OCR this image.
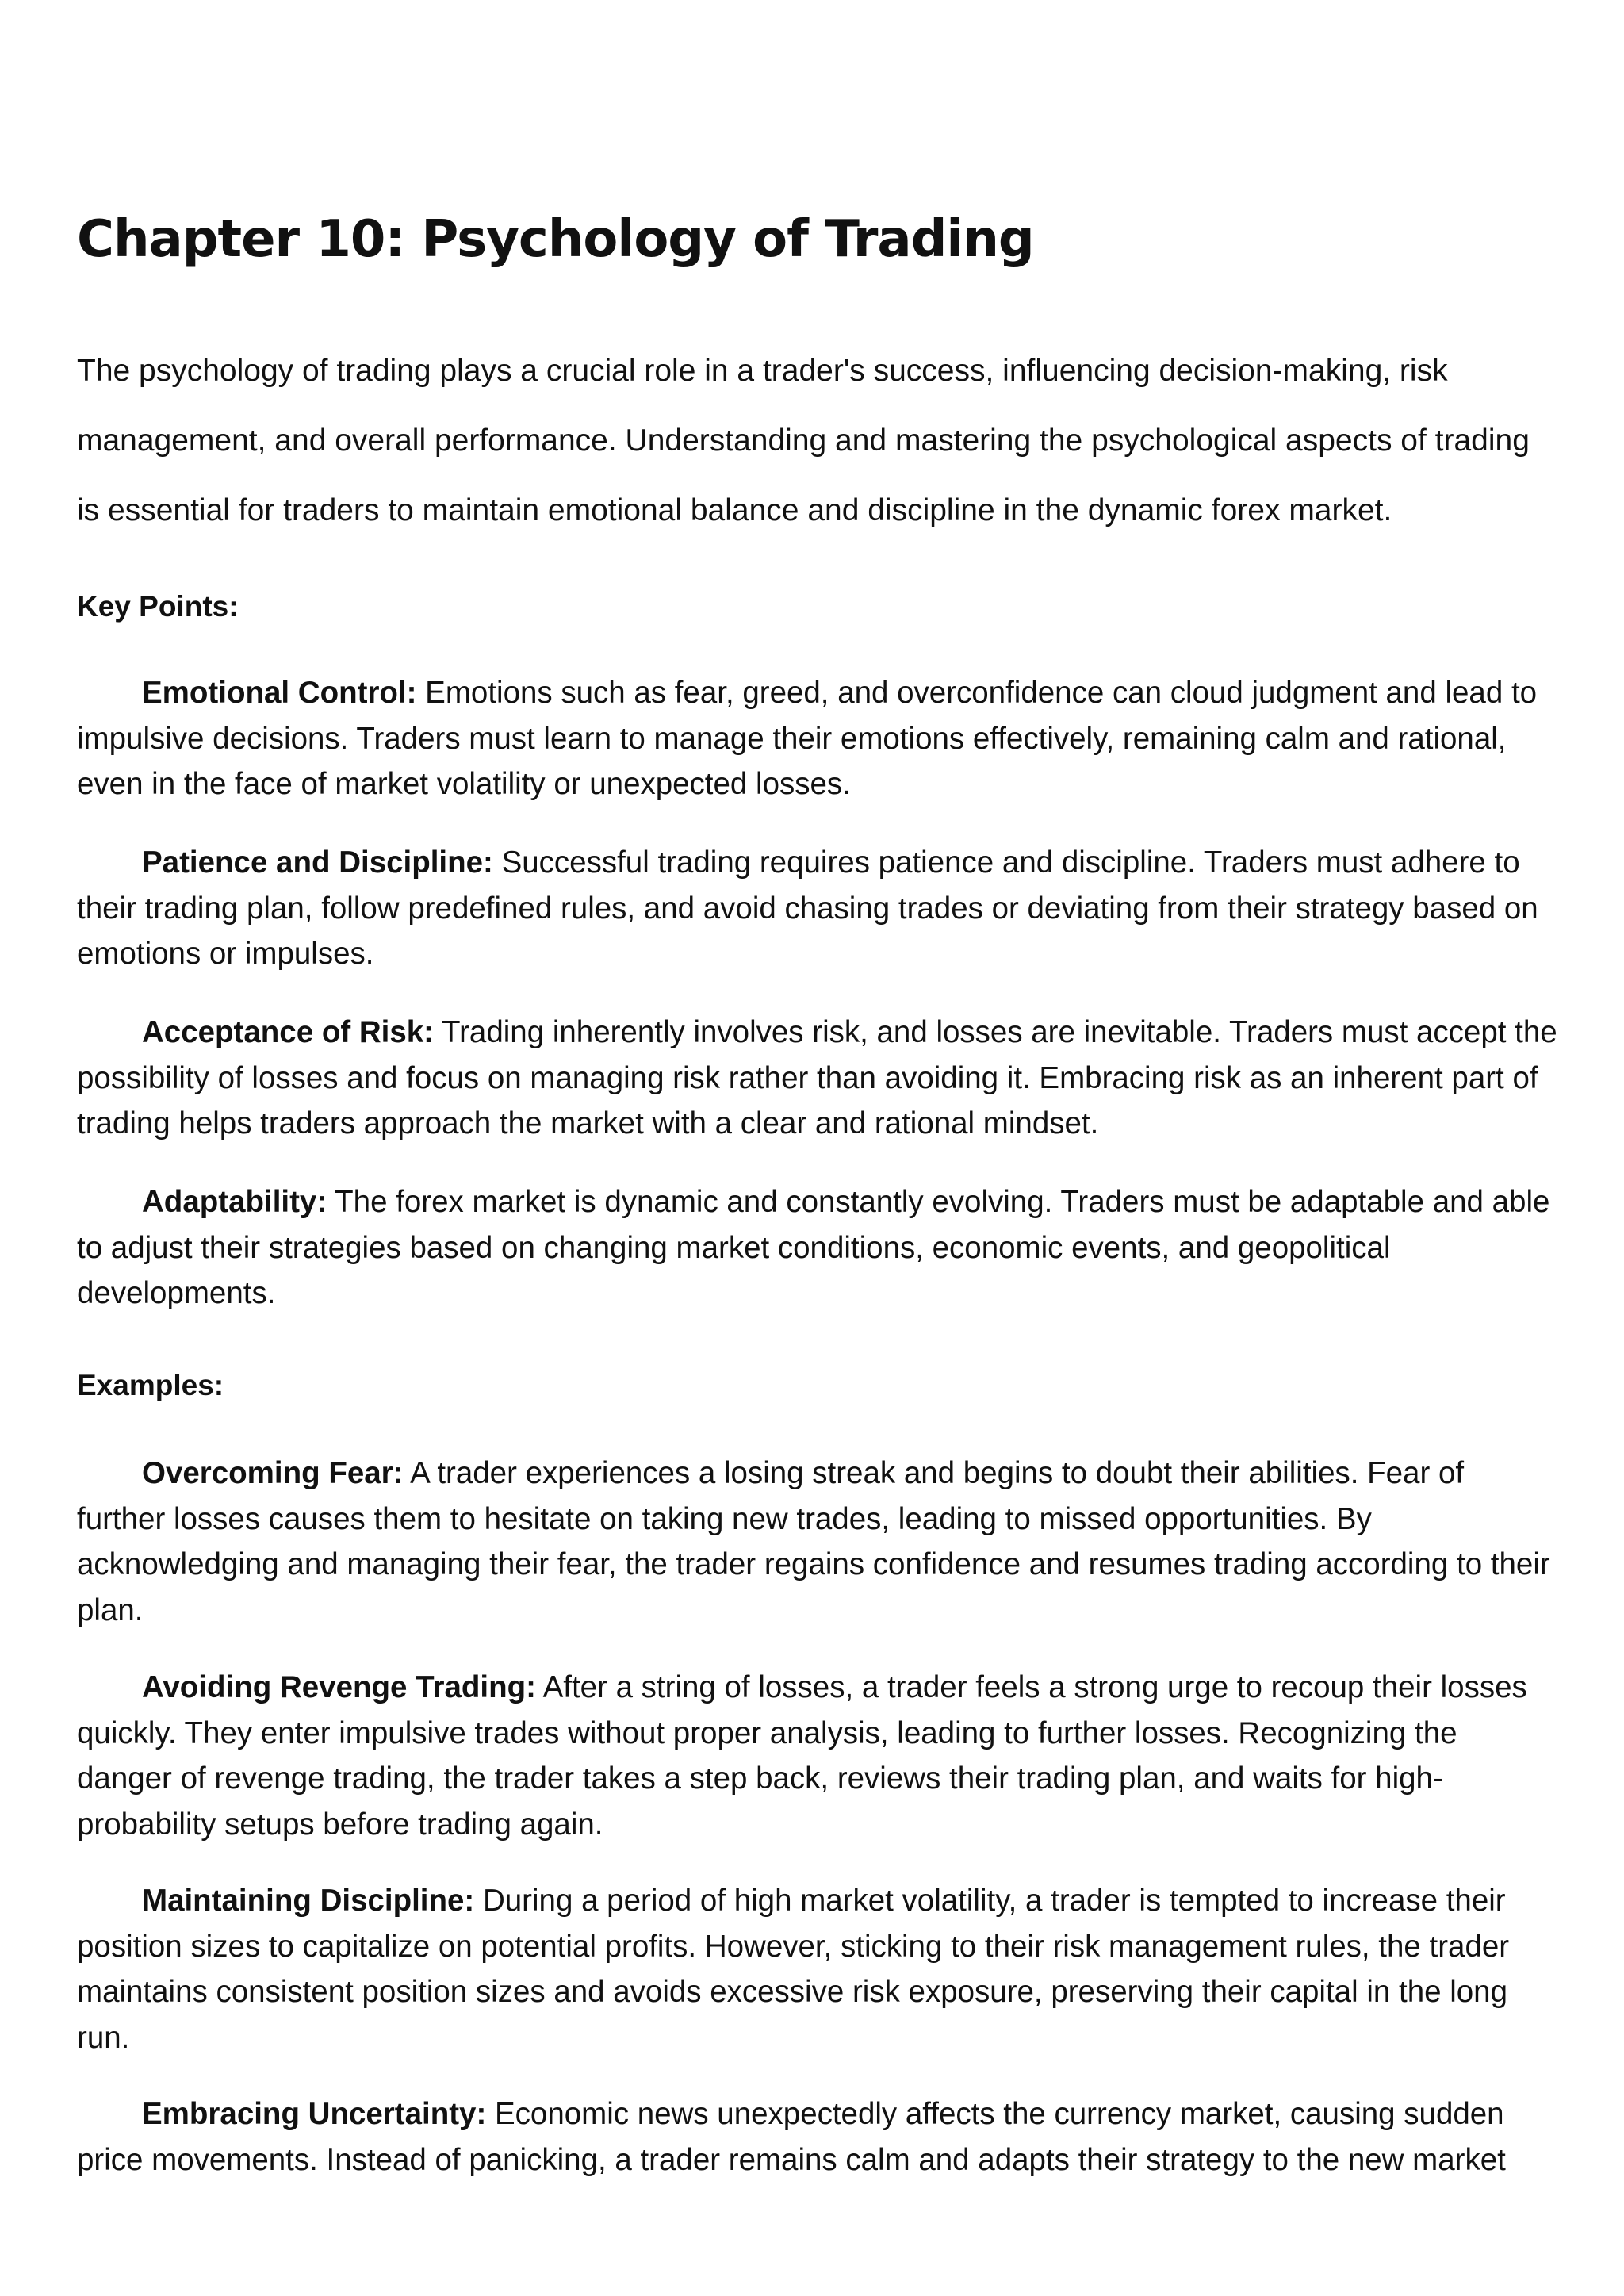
Chapter 10: Psychology of Trading

The psychology of trading plays a crucial role in a trader's success, influencing decision-making, risk management, and overall performance. Understanding and mastering the psychological aspects of trading is essential for traders to maintain emotional balance and discipline in the dynamic forex market.

Key Points:

Emotional Control: Emotions such as fear, greed, and overconfidence can cloud judgment and lead to impulsive decisions. Traders must learn to manage their emotions effectively, remaining calm and rational, even in the face of market volatility or unexpected losses.

Patience and Discipline: Successful trading requires patience and discipline. Traders must adhere to their trading plan, follow predefined rules, and avoid chasing trades or deviating from their strategy based on emotions or impulses.

Acceptance of Risk: Trading inherently involves risk, and losses are inevitable. Traders must accept the possibility of losses and focus on managing risk rather than avoiding it. Embracing risk as an inherent part of trading helps traders approach the market with a clear and rational mindset.

Adaptability: The forex market is dynamic and constantly evolving. Traders must be adaptable and able to adjust their strategies based on changing market conditions, economic events, and geopolitical developments.

Examples:

Overcoming Fear: A trader experiences a losing streak and begins to doubt their abilities. Fear of further losses causes them to hesitate on taking new trades, leading to missed opportunities. By acknowledging and managing their fear, the trader regains confidence and resumes trading according to their plan.

Avoiding Revenge Trading: After a string of losses, a trader feels a strong urge to recoup their losses quickly. They enter impulsive trades without proper analysis, leading to further losses. Recognizing the danger of revenge trading, the trader takes a step back, reviews their trading plan, and waits for high-probability setups before trading again.

Maintaining Discipline: During a period of high market volatility, a trader is tempted to increase their position sizes to capitalize on potential profits. However, sticking to their risk management rules, the trader maintains consistent position sizes and avoids excessive risk exposure, preserving their capital in the long run.

Embracing Uncertainty: Economic news unexpectedly affects the currency market, causing sudden price movements. Instead of panicking, a trader remains calm and adapts their strategy to the new market
